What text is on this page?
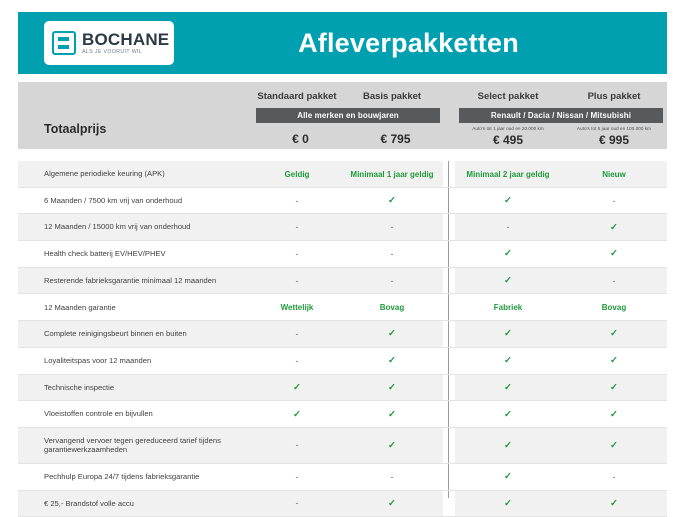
BOCHANE
ALS JE VOORUIT WIL	Afleverpakketten
Totaalprijs

Standaard pakket	Basis pakket
Alle merken en bouwjaren
€ 0	€ 795

Select pakket	Plus pakket
Renault / Dacia / Nissan / Mitsubishi
Auto's tot 1 jaar oud en 20.000 km
€ 495
Auto's tot 5 jaar oud en 100.000 km
€ 995

Algemene periodieke keuring (APK)	Geldig	Minimaal 1 jaar geldig		Minimaal 2 jaar geldig	Nieuw
6 Maanden / 7500 km vrij van onderhoud	-	✓		✓	-
12 Maanden / 15000 km vrij van onderhoud	-	-		-	✓
Health check batterij EV/HEV/PHEV	-	-		✓	✓
Resterende fabrieksgarantie minimaal 12 maanden	-	-		✓	-
12 Maanden garantie	Wettelijk	Bovag		Fabriek	Bovag
Complete reinigingsbeurt binnen en buiten	-	✓		✓	✓
Loyaliteitspas voor 12 maanden	-	✓		✓	✓
Technische inspectie	✓	✓		✓	✓
Vloeistoffen controle en bijvullen	✓	✓		✓	✓
Vervangend vervoer tegen gereduceerd tarief tijdens garantiewerkzaamheden	-	✓		✓	✓
Pechhulp Europa 24/7 tijdens fabrieksgarantie	-	-		✓	-
€ 25,- Brandstof volle accu	-	✓		✓	✓
